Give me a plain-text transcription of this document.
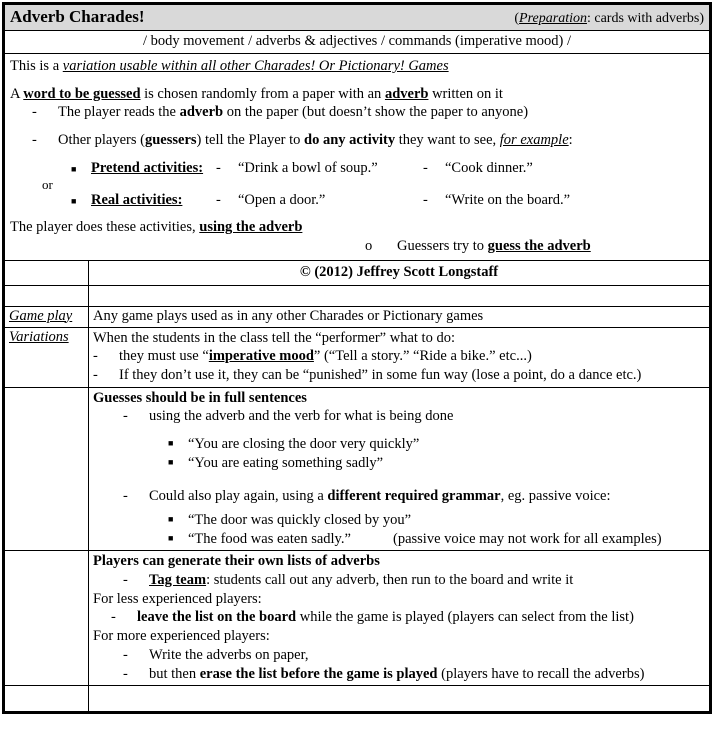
Adverb Charades! (Preparation: cards with adverbs)	

/ body movement / adverbs & adjectives / commands (imperative mood) /	

This is a variation usable within all other Charades! Or Pictionary! Games
A word to be guessed is chosen randomly from a paper with an adverb written on it
-	The player reads the adverb on the paper (but doesn’t show the paper to anyone)
-	Other players (guessers) tell the Player to do any activity they want to see, for example:
■	Pretend activities: -	“Drink a bowl of soup.”	-	“Cook dinner.”
or
■	Real activities:	-	“Open a door.”	-	“Write on the board.”
The player does these activities, using the adverb
o Guessers try to guess the adverb

	© (2012) Jeffrey Scott Longstaff

Game play	Any game plays used as in any other Charades or Pictionary games
Variations	When the students in the class tell the “performer” what to do:
- they must use “imperative mood” (“Tell a story.” “Ride a bike.” etc...)
- If they don’t use it, they can be “punished” in some fun way (lose a point, do a dance etc.)

Guesses should be in full sentences
-	using the adverb and the verb for what is being done
■	“You are closing the door very quickly”
■	“You are eating something sadly”
-	Could also play again, using a different required grammar, eg. passive voice:
■	“The door was quickly closed by you”
■	“The food was eaten sadly.”	(passive voice may not work for all examples)

Players can generate their own lists of adverbs
-	Tag team: students call out any adverb, then run to the board and write it
For less experienced players:
-	leave the list on the board while the game is played (players can select from the list)
For more experienced players:
-	Write the adverbs on paper,
-	but then erase the list before the game is played (players have to recall the adverbs)
